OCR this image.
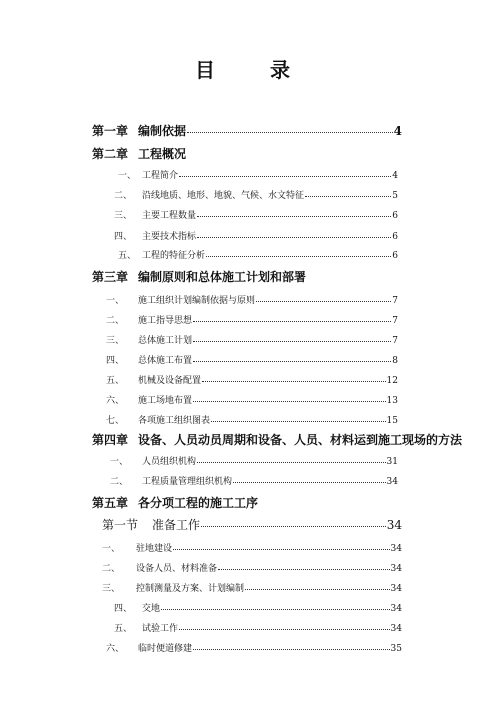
目	录
第一章 编制依据	4
第二章 工程概况
一、 工程简介	4
二、	沿线地质、地形、地貌、气候、水文特征	5
三、	主要工程数量	6
四、	主要技术指标	6
五、 工程的特征分析	6
第三章 编制原则和总体施工计划和部署
一、	施工组织计划编制依据与原则	7
二、	施工指导思想	7
三、	总体施工计划	7
四、	总体施工布置	8
五、	机械及设备配置	12
六、	施工场地布置	13
七、	各项施工组织图表	15
第四章 设备、人员动员周期和设备、人员、材料运到施工现场的方法
一、	人员组织机构	31
二、	工程质量管理组织机构	34
第五章 各分项工程的施工工序
第一节	准备工作	34
一、	驻地建设	34
二、	设备人员、材料准备	34
三、	控制测量及方案、计划编制	34
四、	交地	34
五、	试验工作	34
六、	临时便道修建	35
